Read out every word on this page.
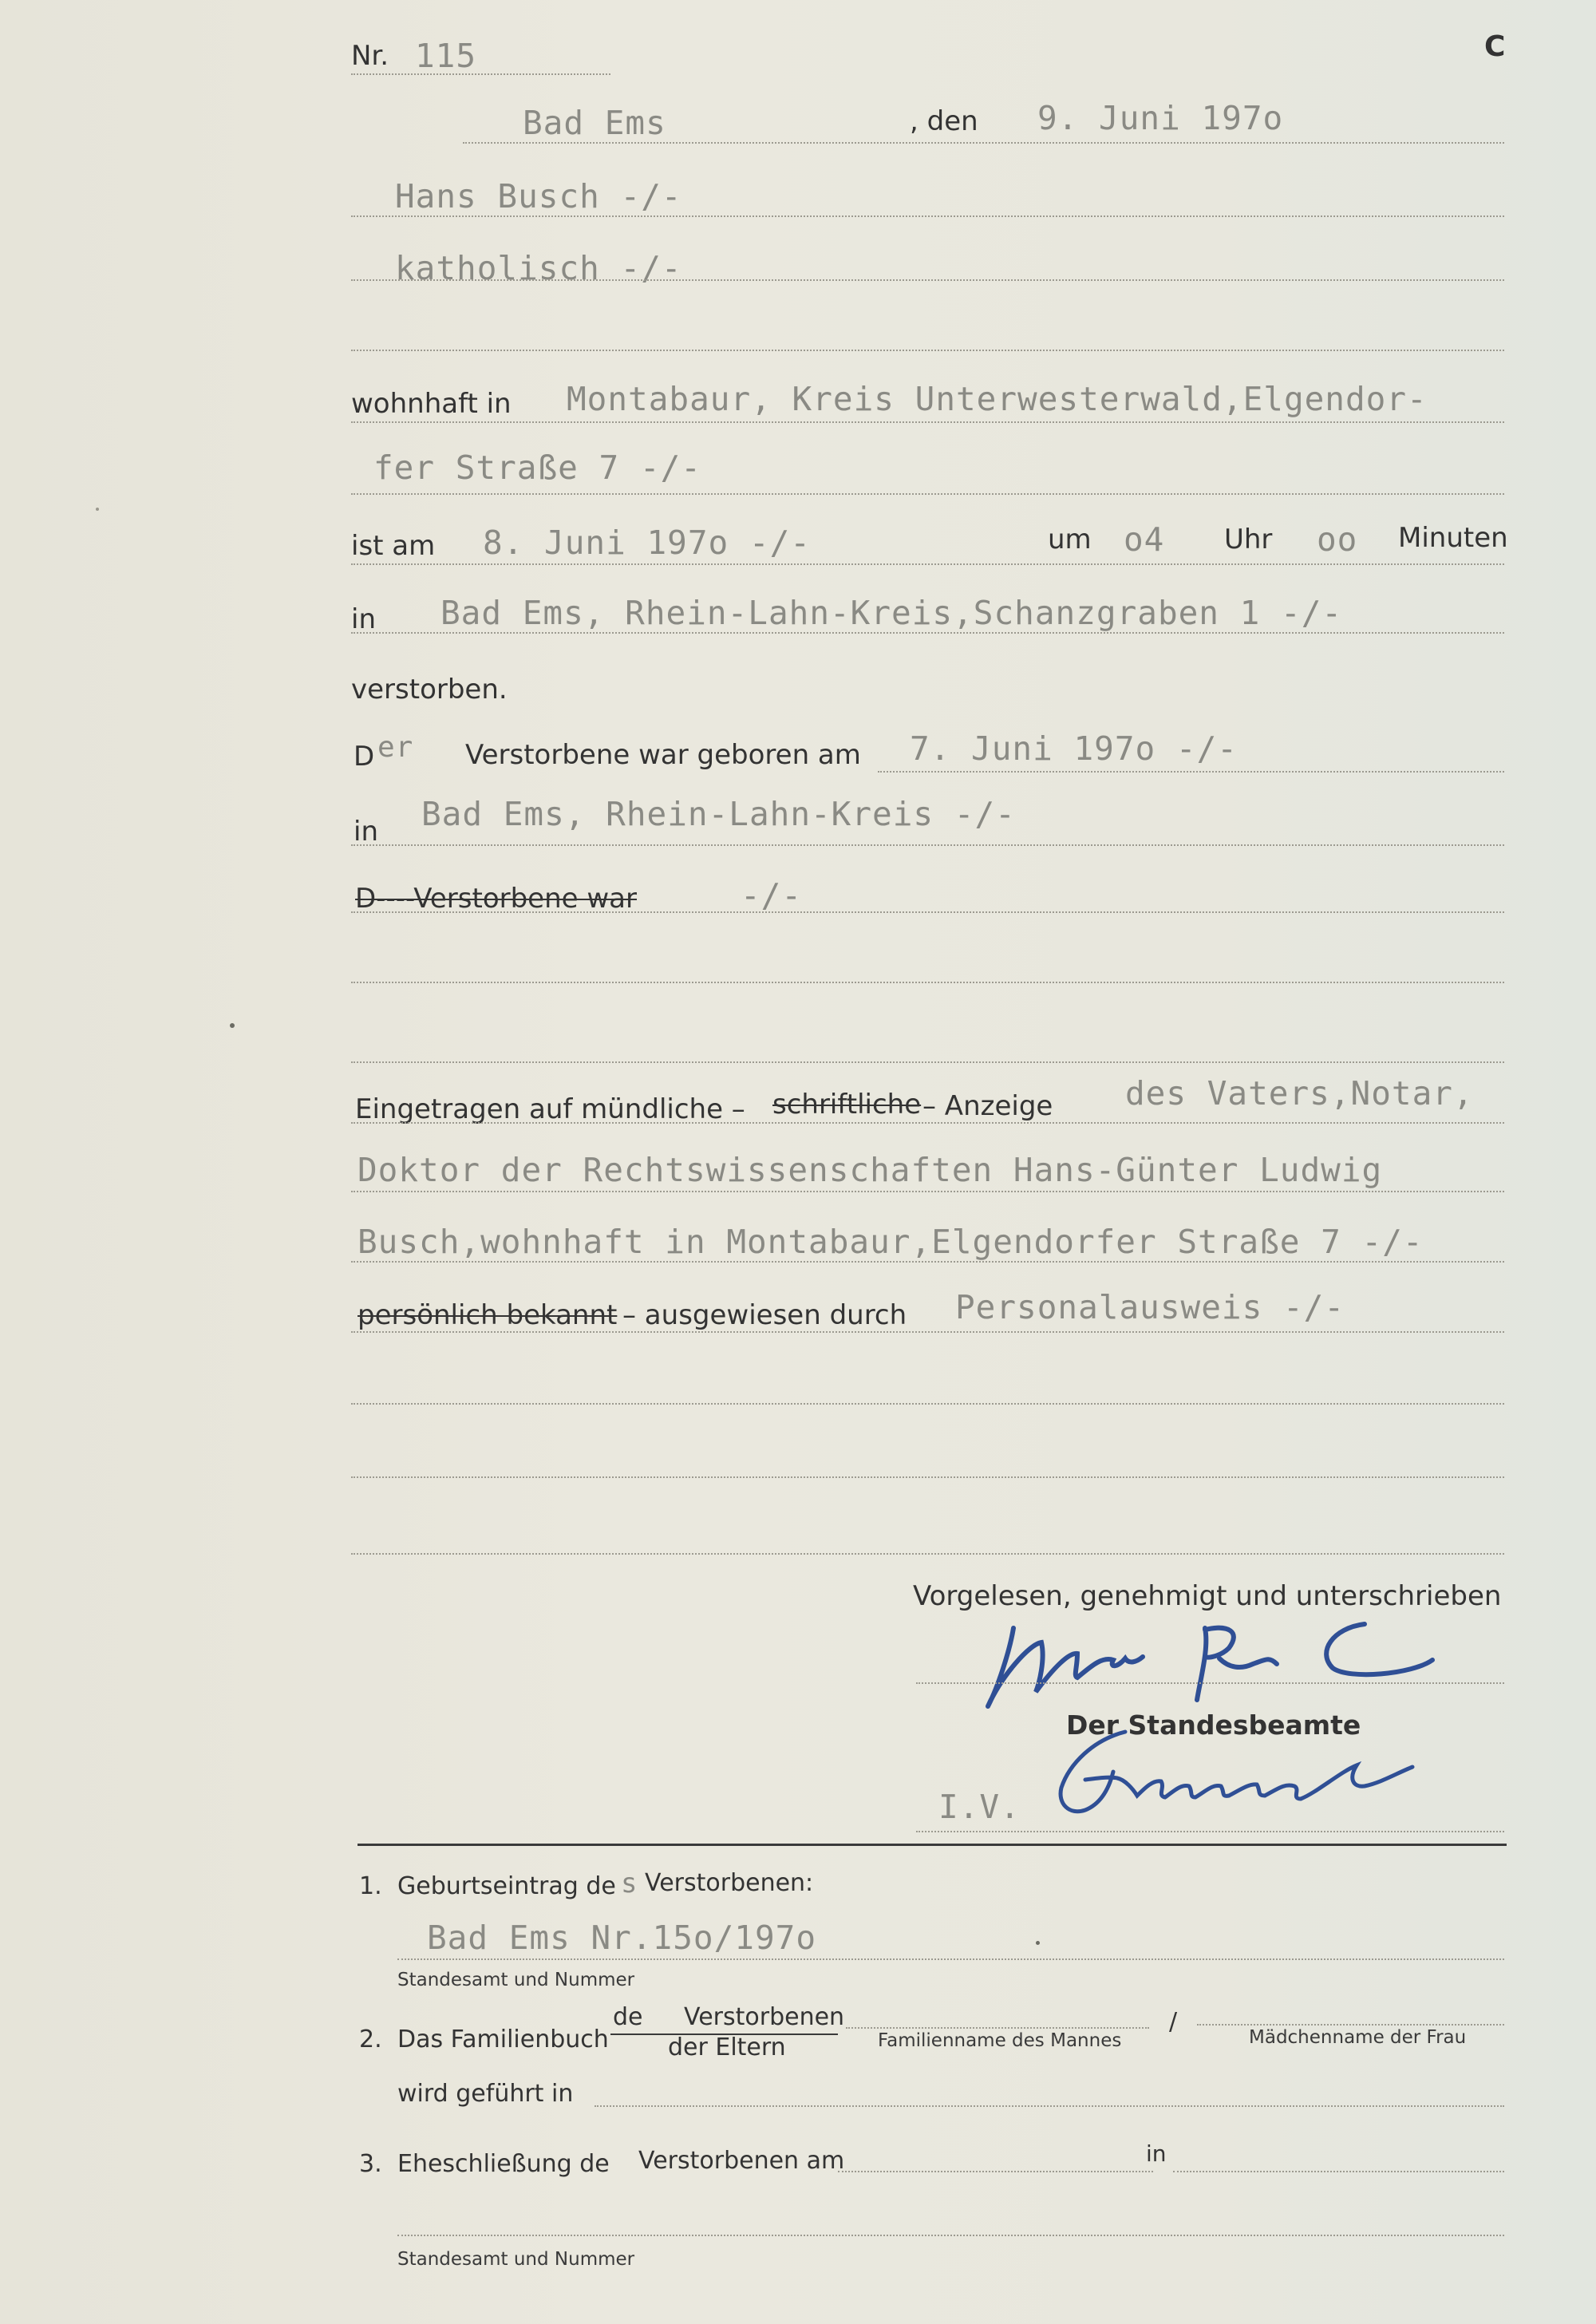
C
Nr. 115
Bad Ems	, den 9. Juni 197o
Hans Busch -/-
katholisch -/-
wohnhaft in Montabaur, Kreis Unterwesterwald,Elgendor-
fer Straße 7 -/-
ist am 8. Juni 197o -/-	um o4 Uhr oo Minuten
in Bad Ems, Rhein-Lahn-Kreis,Schanzgraben 1 -/-
verstorben.
D er Verstorbene war geboren am 7. Juni 197o -/-
in Bad Ems, Rhein-Lahn-Kreis -/-
D----Verstorbene war	-/-
Eingetragen auf mündliche – schriftliche – Anzeige des Vaters,Notar,
Doktor der Rechtswissenschaften Hans-Günter Ludwig
Busch,wohnhaft in Montabaur,Elgendorfer Straße 7 -/-
persönlich bekannt – ausgewiesen durch Personalausweis -/-
Vorgelesen, genehmigt und unterschrieben
Der Standesbeamte
I.V.
1. Geburtseintrag de s Verstorbenen:
Bad Ems Nr.15o/197o
Standesamt und Nummer
2. Das Familienbuch
de Verstorbenen
der Eltern	Familienname des Mannes
/
Mädchenname der Frau
wird geführt in
3. Eheschließung de Verstorbenen am	in
Standesamt und Nummer
